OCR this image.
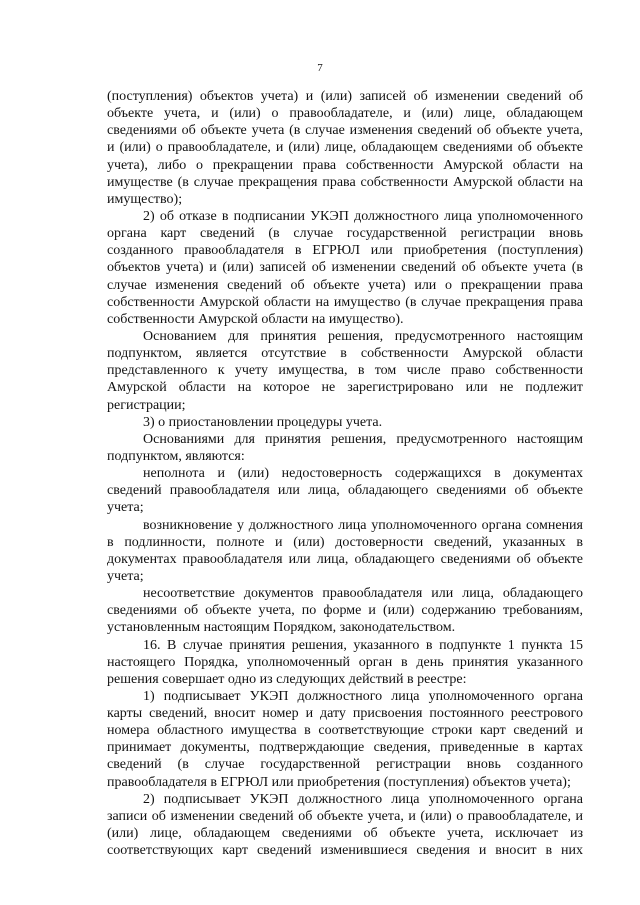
7
(поступления) объектов учета) и (или) записей об изменении сведений об
объекте учета, и (или) о правообладателе, и (или) лице, обладающем
сведениями об объекте учета (в случае изменения сведений об объекте учета,
и (или) о правообладателе, и (или) лице, обладающем сведениями об объекте
учета), либо о прекращении права собственности Амурской области на
имуществе (в случае прекращения права собственности Амурской области на
имущество);
2) об отказе в подписании УКЭП должностного лица уполномоченного
органа карт сведений (в случае государственной регистрации вновь
созданного правообладателя в ЕГРЮЛ или приобретения (поступления)
объектов учета) и (или) записей об изменении сведений об объекте учета (в
случае изменения сведений об объекте учета) или о прекращении права
собственности Амурской области на имущество (в случае прекращения права
собственности Амурской области на имущество).
Основанием для принятия решения, предусмотренного настоящим
подпунктом, является отсутствие в собственности Амурской области
представленного к учету имущества, в том числе право собственности
Амурской области на которое не зарегистрировано или не подлежит
регистрации;
3) о приостановлении процедуры учета.
Основаниями для принятия решения, предусмотренного настоящим
подпунктом, являются:
неполнота и (или) недостоверность содержащихся в документах
сведений правообладателя или лица, обладающего сведениями об объекте
учета;
возникновение у должностного лица уполномоченного органа сомнения
в подлинности, полноте и (или) достоверности сведений, указанных в
документах правообладателя или лица, обладающего сведениями об объекте
учета;
несоответствие документов правообладателя или лица, обладающего
сведениями об объекте учета, по форме и (или) содержанию требованиям,
установленным настоящим Порядком, законодательством.
16. В случае принятия решения, указанного в подпункте 1 пункта 15
настоящего Порядка, уполномоченный орган в день принятия указанного
решения совершает одно из следующих действий в реестре:
1) подписывает УКЭП должностного лица уполномоченного органа
карты сведений, вносит номер и дату присвоения постоянного реестрового
номера областного имущества в соответствующие строки карт сведений и
принимает документы, подтверждающие сведения, приведенные в картах
сведений (в случае государственной регистрации вновь созданного
правообладателя в ЕГРЮЛ или приобретения (поступления) объектов учета);
2) подписывает УКЭП должностного лица уполномоченного органа
записи об изменении сведений об объекте учета, и (или) о правообладателе, и
(или) лице, обладающем сведениями об объекте учета, исключает из
соответствующих карт сведений изменившиеся сведения и вносит в них
